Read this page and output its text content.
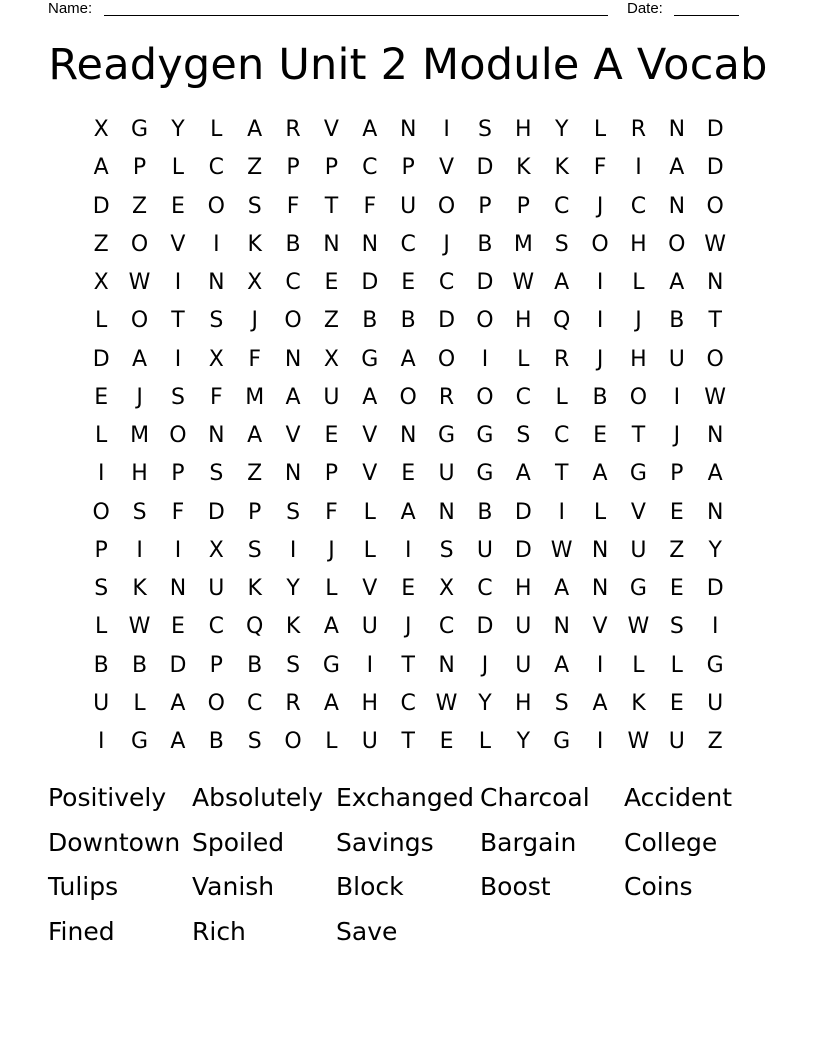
Name:	Date:
Readygen Unit 2 Module A Vocab
X	G	Y	L	A	R	V	A	N	I	S	H	Y	L	R	N D
A	P	L	C	Z	P	P	C	P	V	D	K	K	F	I	A	D
D	Z	E	O	S	F	T	F	U O	P	P	C	J	C	N O
Z	O	V	I	K	B	N N	C	J	B M S	O H O W
X W	I	N	X	C	E	D	E	C	D W A	I	L	A	N
L	O	T	S	J	O	Z	B	B	D O H Q	I	J	B	T
D	A	I	X	F	N	X	G	A	O	I	L	R	J	H	U O
E	J	S	F	M A	U	A	O	R	O	C	L	B	O	I	W
L	M O N	A	V	E	V	N G G	S	C	E	T	J	N
I	H	P	S	Z	N	P	V	E	U G	A	T	A	G	P	A
O	S	F	D	P	S	F	L	A	N	B	D	I	L	V	E	N
P	I	I	X	S	I	J	L	I	S	U D W N	U	Z	Y
S	K	N	U	K	Y	L	V	E	X	C	H	A	N G	E	D
L W E	C	Q	K	A	U	J	C	D U	N	V W S	I
B	B	D	P	B	S	G	I	T	N	J	U	A	I	L	L	G
U	L	A	O	C	R	A	H	C W Y	H	S	A	K	E	U
I	G	A	B	S	O	L	U	T	E	L	Y	G	I	W U	Z
Positively	Absolutely Exchanged Charcoal	Accident
Downtown Spoiled	Savings	Bargain	College
Tulips	Vanish	Block	Boost	Coins
Fined	Rich	Save
